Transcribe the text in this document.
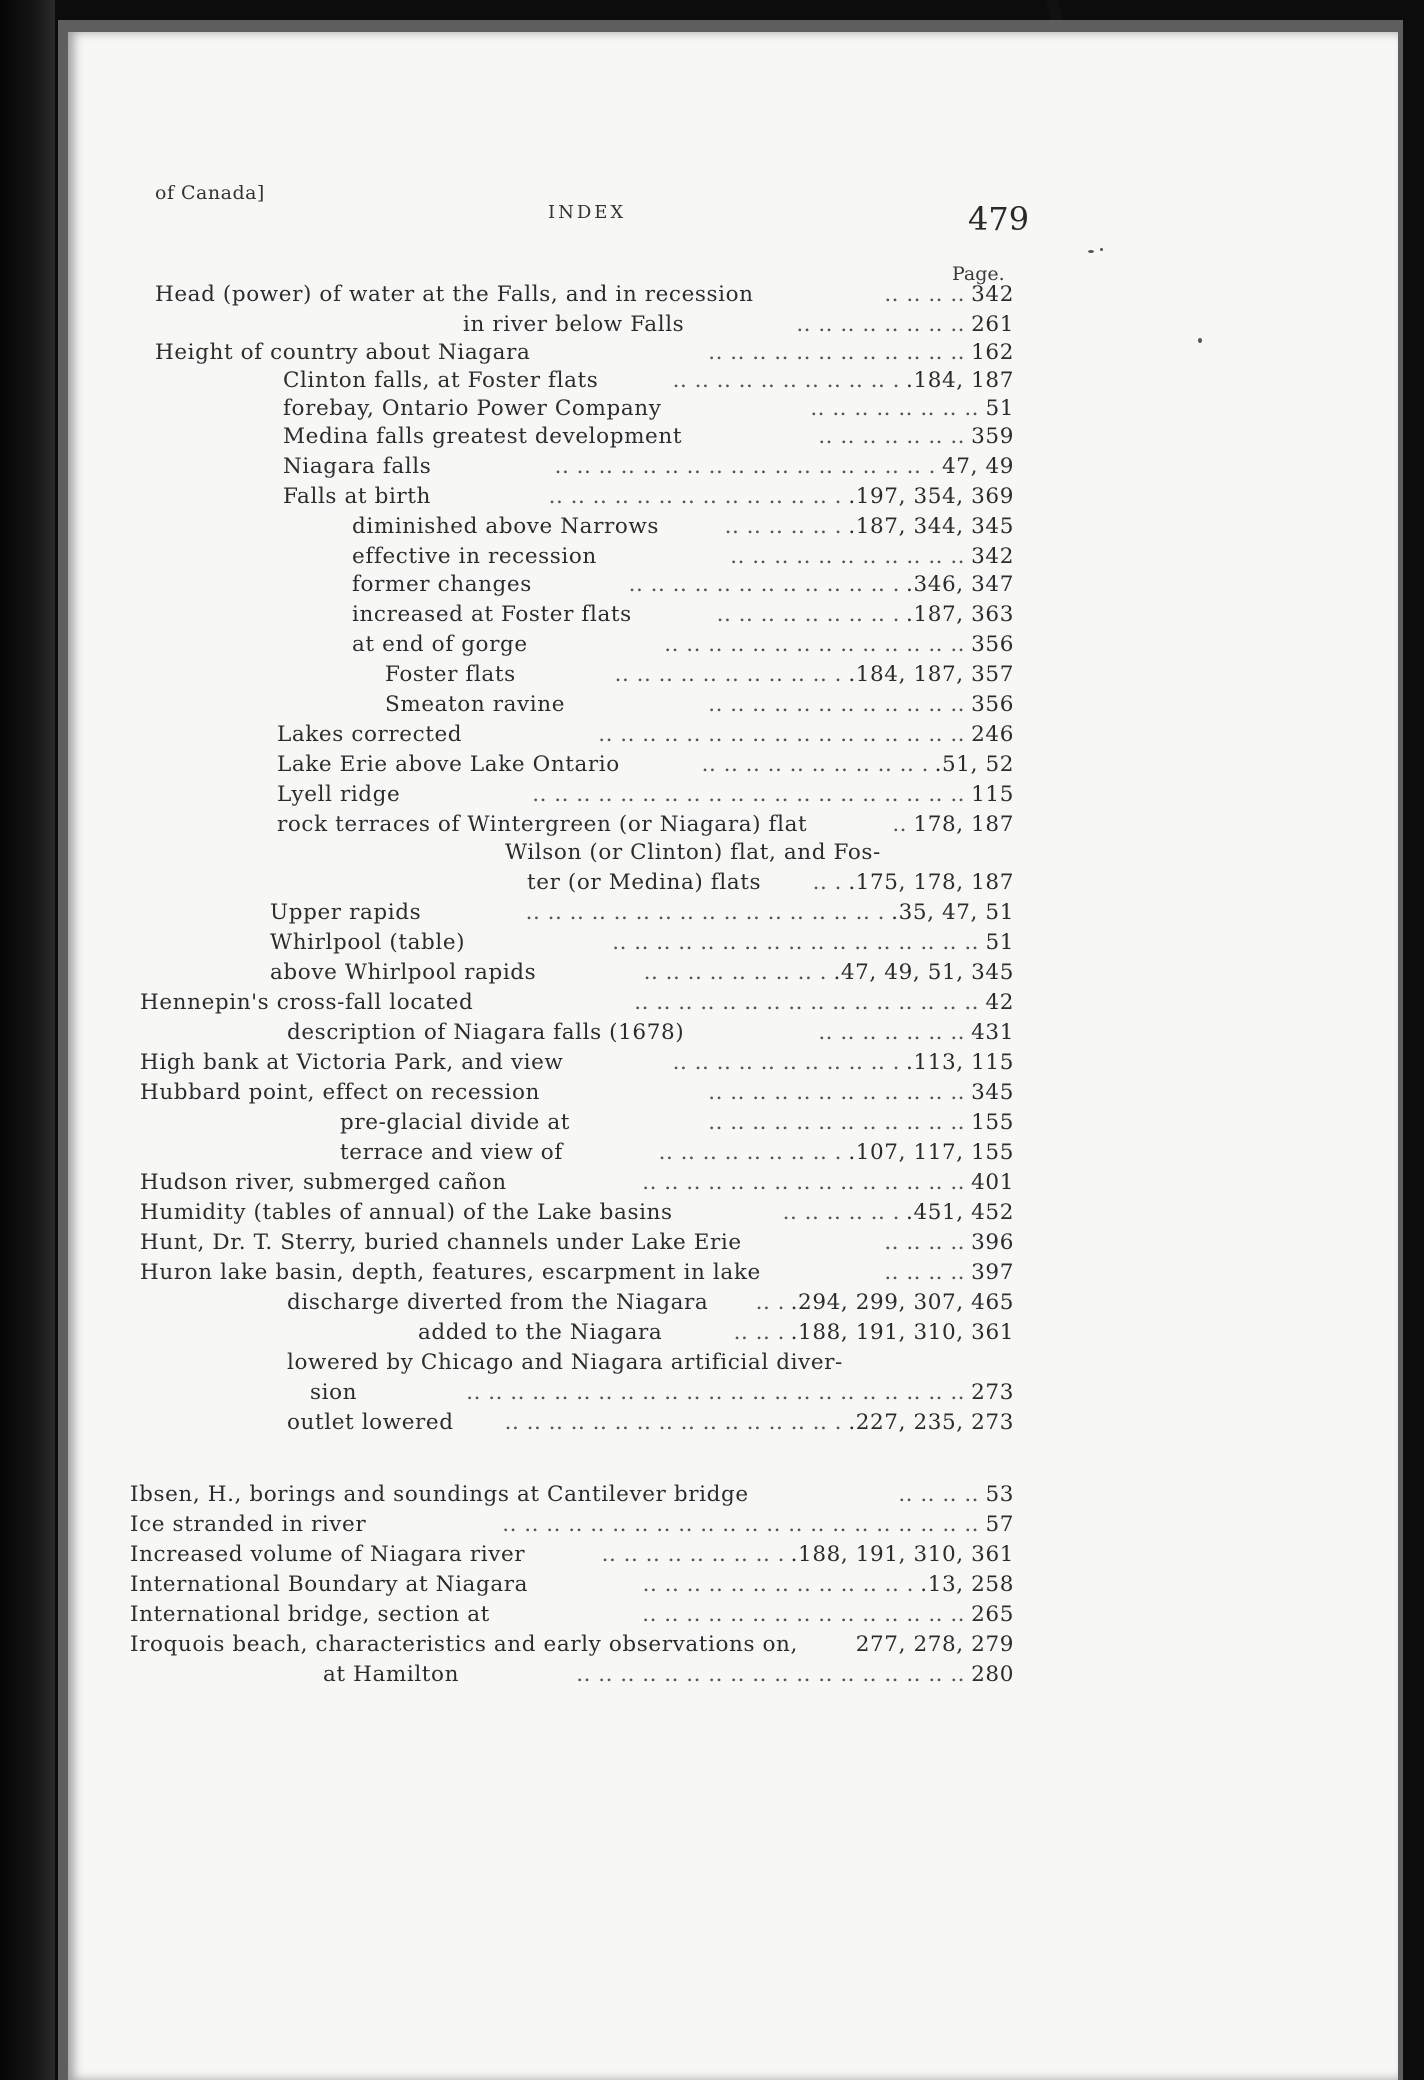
of Canada]
INDEX	479
Page.
Head (power) of water at the Falls, and in recession	.. .. .. .. 342
in river below Falls	.. .. .. .. .. .. .. .. 261
Height of country about Niagara	.. .. .. .. .. .. .. .. .. .. .. .. 162
Clinton falls, at Foster flats	.. .. .. .. .. .. .. .. .. .. . .184, 187
forebay, Ontario Power Company	.. .. .. .. .. .. .. .. 51
Medina falls greatest development	.. .. .. .. .. .. .. 359
Niagara falls	.. .. .. .. .. .. .. .. .. .. .. .. .. .. .. .. .. . 47, 49
Falls at birth	.. .. .. .. .. .. .. .. .. .. .. .. .. . .197, 354, 369
diminished above Narrows	.. .. .. .. .. . .187, 344, 345
effective in recession	.. .. .. .. .. .. .. .. .. .. .. 342
former changes	.. .. .. .. .. .. .. .. .. .. .. .. . .346, 347
increased at Foster flats	.. .. .. .. .. .. .. .. . .187, 363
at end of gorge	.. .. .. .. .. .. .. .. .. .. .. .. .. .. 356
Foster flats	.. .. .. .. .. .. .. .. .. .. . .184, 187, 357
Smeaton ravine	.. .. .. .. .. .. .. .. .. .. .. .. 356
Lakes corrected	.. .. .. .. .. .. .. .. .. .. .. .. .. .. .. .. .. 246
Lake Erie above Lake Ontario	.. .. .. .. .. .. .. .. .. .. . .51, 52
Lyell ridge	.. .. .. .. .. .. .. .. .. .. .. .. .. .. .. .. .. .. .. .. 115
rock terraces of Wintergreen (or Niagara) flat	.. 178, 187
Wilson (or Clinton) flat, and Fos-
ter (or Medina) flats	.. . .175, 178, 187
Upper rapids	.. .. .. .. .. .. .. .. .. .. .. .. .. .. .. .. . .35, 47, 51
Whirlpool (table)	.. .. .. .. .. .. .. .. .. .. .. .. .. .. .. .. .. 51
above Whirlpool rapids	.. .. .. .. .. .. .. .. . .47, 49, 51, 345
Hennepin's cross-fall located	.. .. .. .. .. .. .. .. .. .. .. .. .. .. .. .. 42
description of Niagara falls (1678)	.. .. .. .. .. .. .. 431
High bank at Victoria Park, and view	.. .. .. .. .. .. .. .. .. .. . .113, 115
Hubbard point, effect on recession	.. .. .. .. .. .. .. .. .. .. .. .. 345
pre-glacial divide at	.. .. .. .. .. .. .. .. .. .. .. .. 155
terrace and view of	.. .. .. .. .. .. .. .. . .107, 117, 155
Hudson river, submerged cañon	.. .. .. .. .. .. .. .. .. .. .. .. .. .. .. 401
Humidity (tables of annual) of the Lake basins	.. .. .. .. .. . .451, 452
Hunt, Dr. T. Sterry, buried channels under Lake Erie	.. .. .. .. 396
Huron lake basin, depth, features, escarpment in lake	.. .. .. .. 397
discharge diverted from the Niagara	.. . .294, 299, 307, 465
added to the Niagara	.. .. . .188, 191, 310, 361
lowered by Chicago and Niagara artificial diver-
sion	.. .. .. .. .. .. .. .. .. .. .. .. .. .. .. .. .. .. .. .. .. .. .. 273
outlet lowered	.. .. .. .. .. .. .. .. .. .. .. .. .. .. .. . .227, 235, 273
Ibsen, H., borings and soundings at Cantilever bridge	.. .. .. .. 53
Ice stranded in river	.. .. .. .. .. .. .. .. .. .. .. .. .. .. .. .. .. .. .. .. .. .. 57
Increased volume of Niagara river	.. .. .. .. .. .. .. .. . .188, 191, 310, 361
International Boundary at Niagara	.. .. .. .. .. .. .. .. .. .. .. .. . .13, 258
International bridge, section at	.. .. .. .. .. .. .. .. .. .. .. .. .. .. .. 265
Iroquois beach, characteristics and early observations on,	277, 278, 279
at Hamilton	.. .. .. .. .. .. .. .. .. .. .. .. .. .. .. .. .. .. 280
